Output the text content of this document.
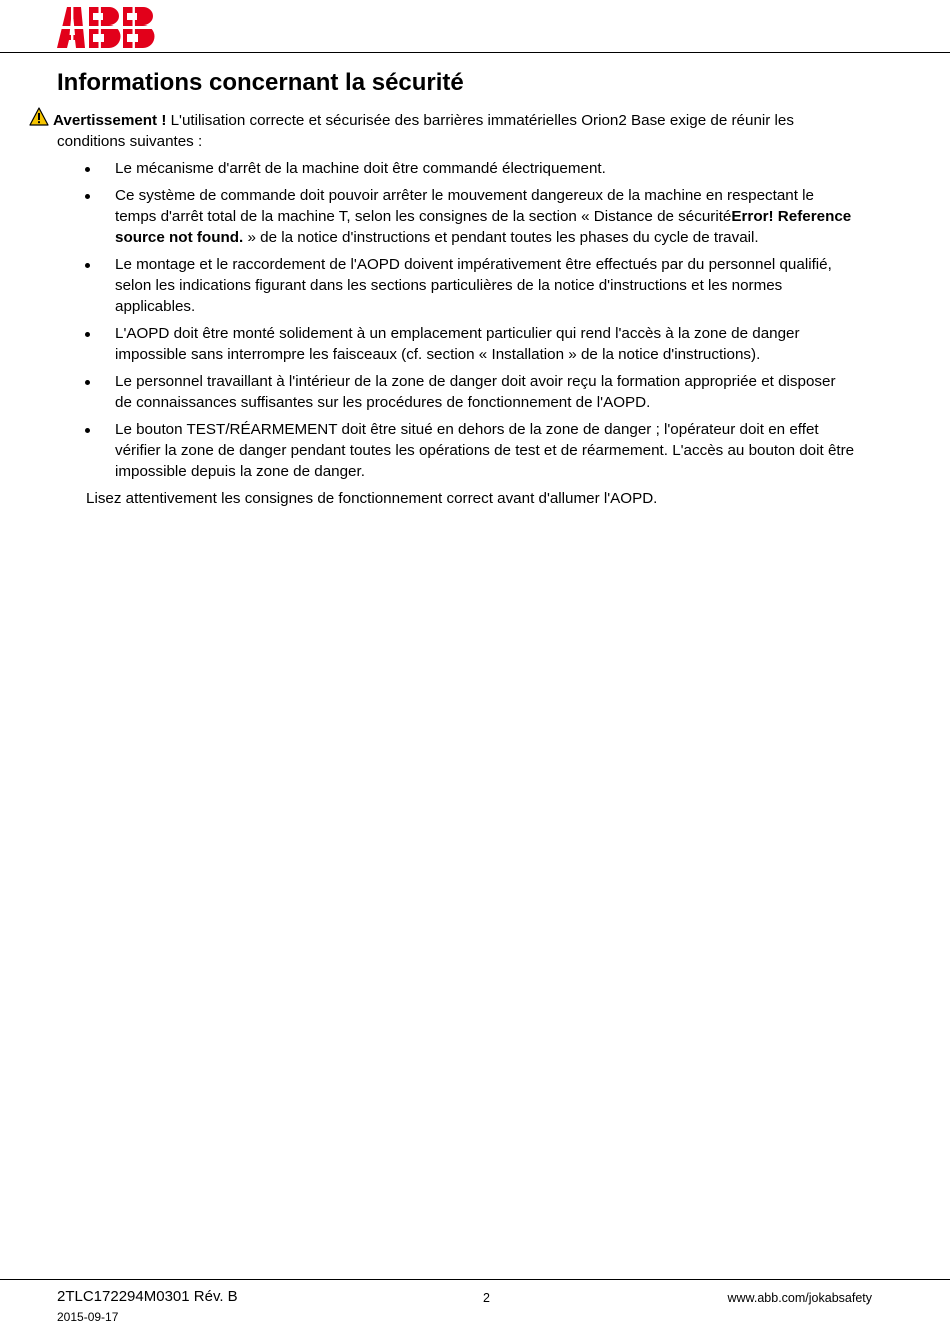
Informations concernant la sécurité
Avertissement ! L'utilisation correcte et sécurisée des barrières immatérielles Orion2 Base exige de réunir les
conditions suivantes :
Le mécanisme d'arrêt de la machine doit être commandé électriquement.
Ce système de commande doit pouvoir arrêter le mouvement dangereux de la machine en respectant le
temps d'arrêt total de la machine T, selon les consignes de la section « Distance de sécuritéError! Reference
source not found. » de la notice d'instructions et pendant toutes les phases du cycle de travail.
Le montage et le raccordement de l'AOPD doivent impérativement être effectués par du personnel qualifié,
selon les indications figurant dans les sections particulières de la notice d'instructions et les normes
applicables.
L'AOPD doit être monté solidement à un emplacement particulier qui rend l'accès à la zone de danger
impossible sans interrompre les faisceaux (cf. section « Installation » de la notice d'instructions).
Le personnel travaillant à l'intérieur de la zone de danger doit avoir reçu la formation appropriée et disposer
de connaissances suffisantes sur les procédures de fonctionnement de l'AOPD.
Le bouton TEST/RÉARMEMENT doit être situé en dehors de la zone de danger ; l'opérateur doit en effet
vérifier la zone de danger pendant toutes les opérations de test et de réarmement. L'accès au bouton doit être
impossible depuis la zone de danger.

Lisez attentivement les consignes de fonctionnement correct avant d'allumer l'AOPD.

2TLC172294M0301 Rév. B
2015-09-17
2	www.abb.com/jokabsafety
